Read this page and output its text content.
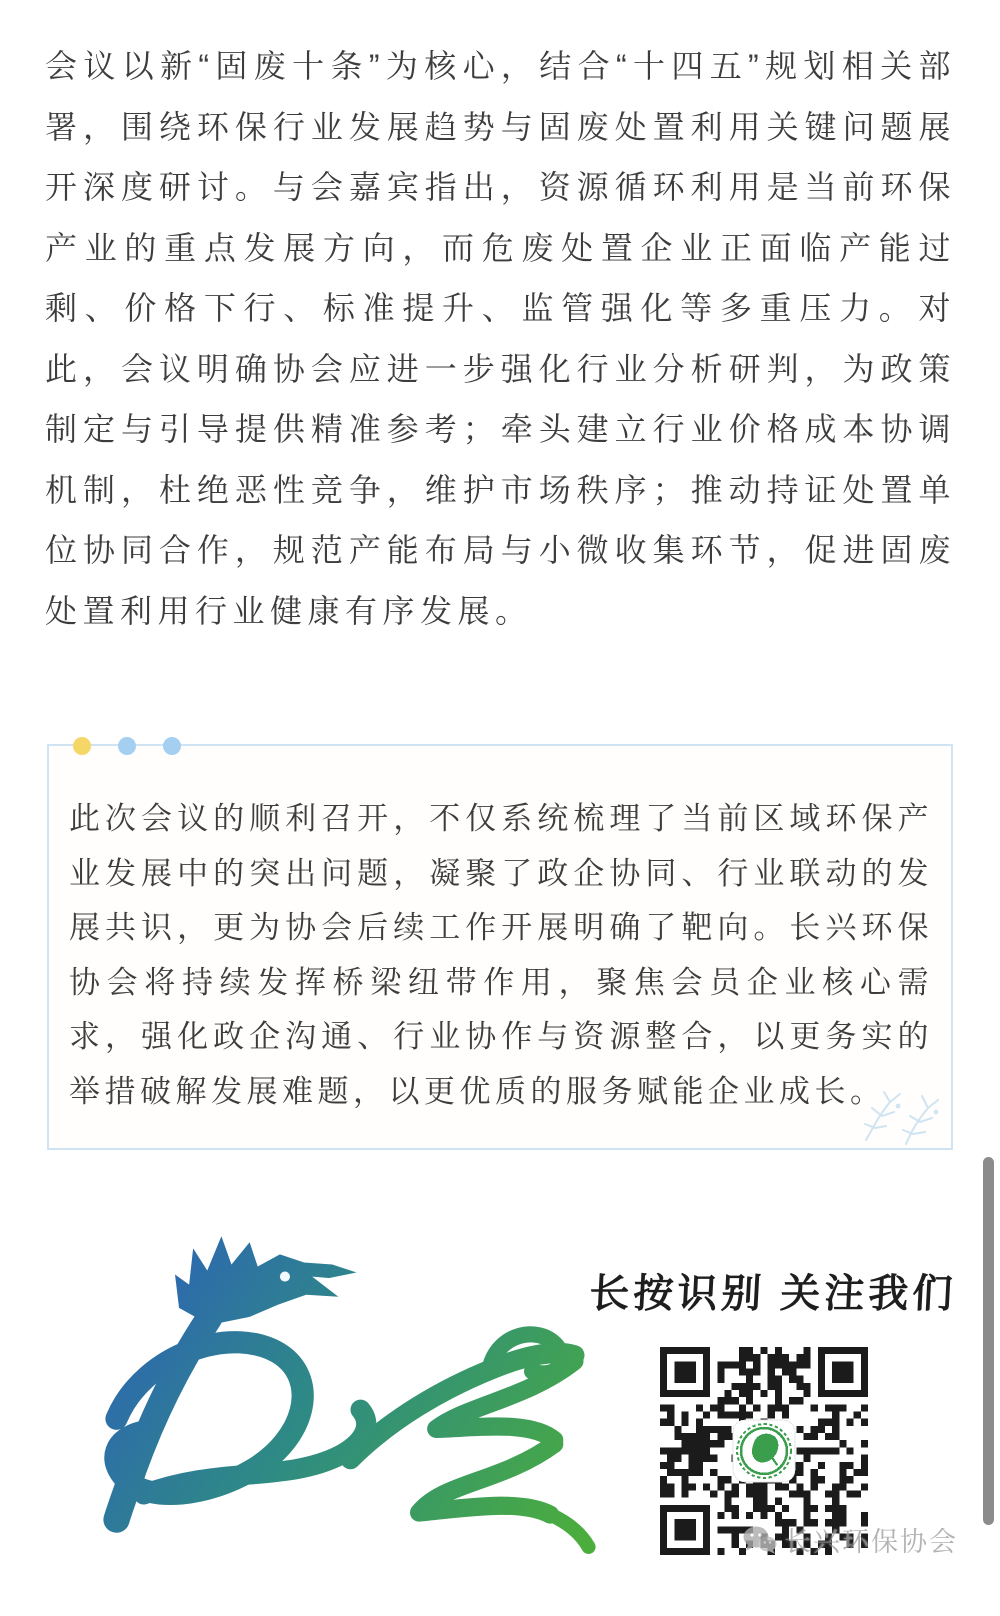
会议以新“固废十条”为核心，结合“十四五”规划相关部署，围绕环保行业发展趋势与固废处置利用关键问题展开深度研讨。与会嘉宾指出，资源循环利用是当前环保产业的重点发展方向，而危废处置企业正面临产能过剩、价格下行、标准提升、监管强化等多重压力。对此，会议明确协会应进一步强化行业分析研判，为政策制定与引导提供精准参考；牵头建立行业价格成本协调机制，杜绝恶性竞争，维护市场秩序；推动持证处置单位协同合作，规范产能布局与小微收集环节，促进固废处置利用行业健康有序发展。

此次会议的顺利召开，不仅系统梳理了当前区域环保产业发展中的突出问题，凝聚了政企协同、行业联动的发展共识，更为协会后续工作开展明确了靶向。长兴环保协会将持续发挥桥梁纽带作用，聚焦会员企业核心需求，强化政企沟通、行业协作与资源整合，以更务实的举措破解发展难题，以更优质的服务赋能企业成长。

长按识别 关注我们

长兴环保协会
